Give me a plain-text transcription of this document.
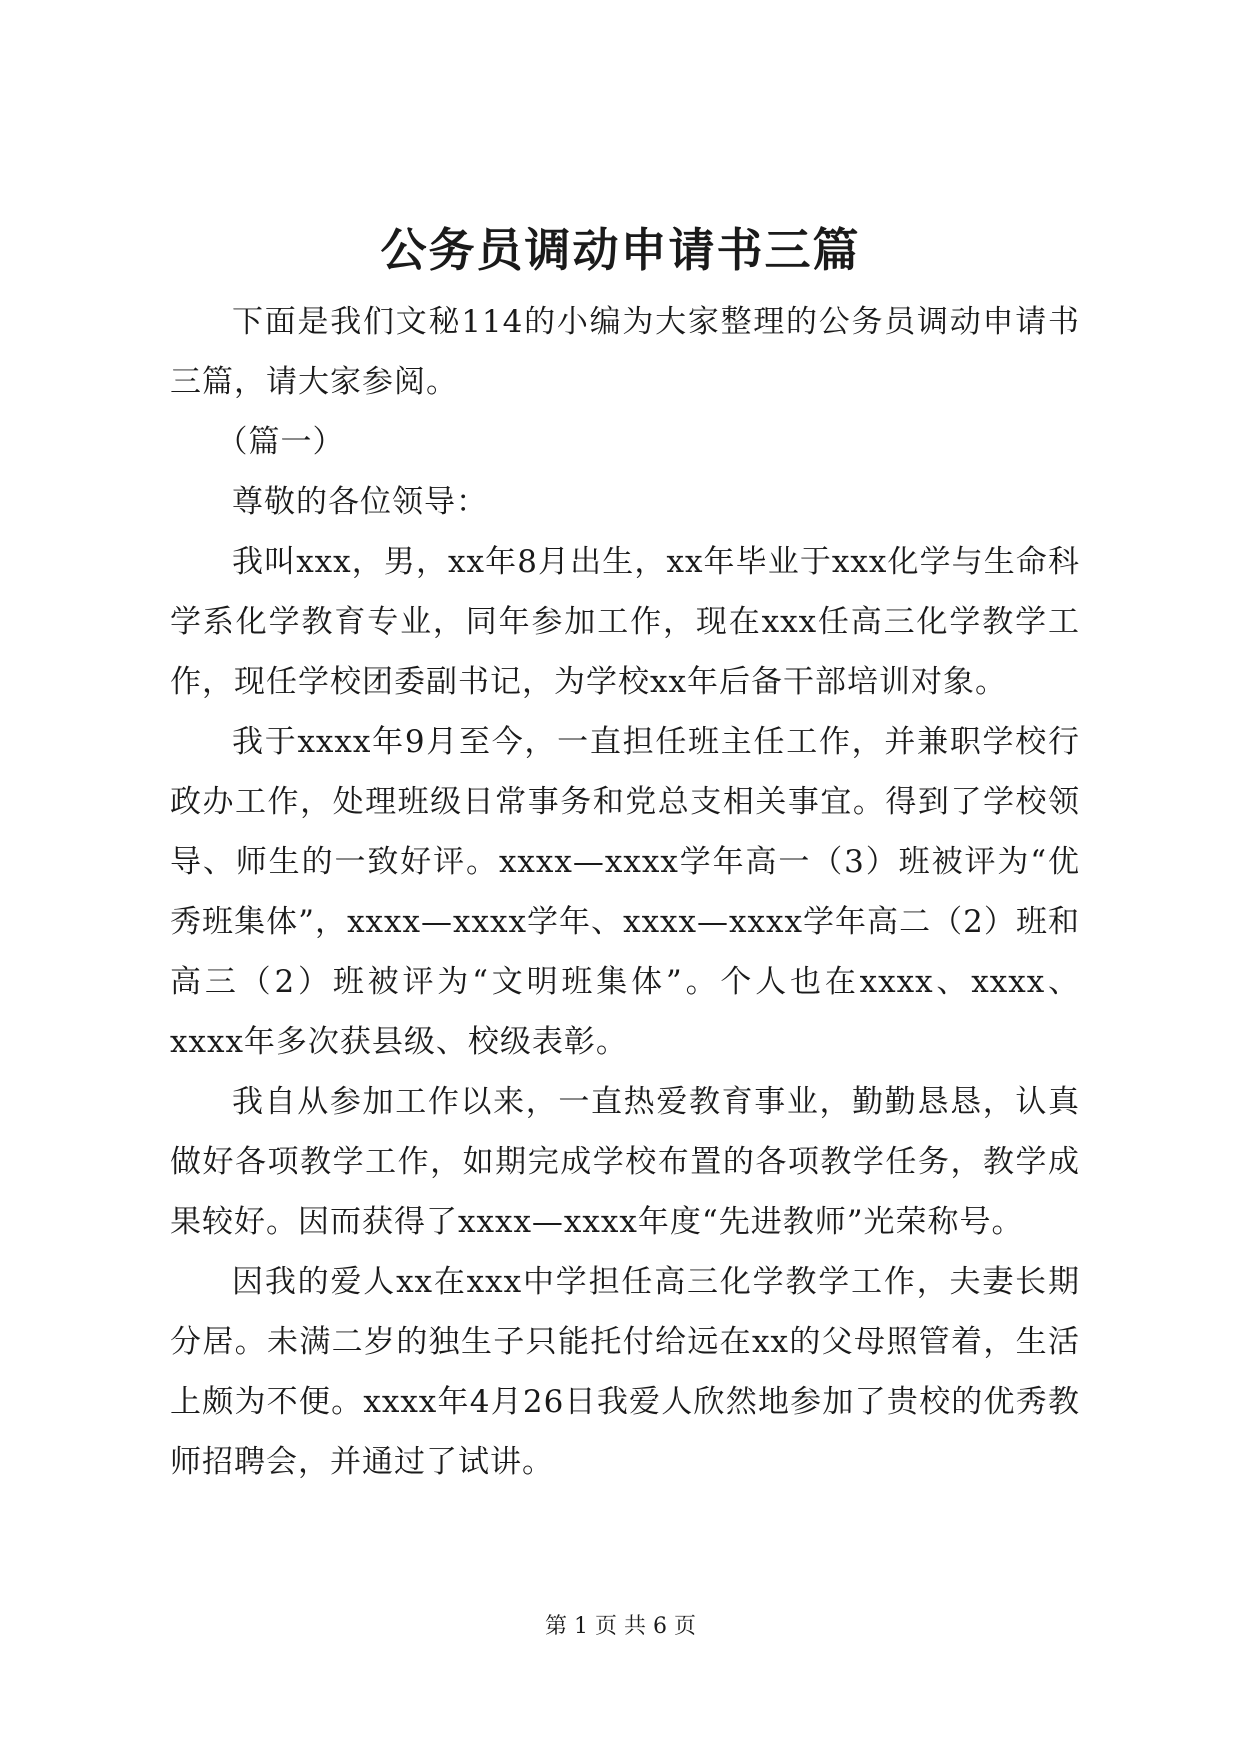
公务员调动申请书三篇

下面是我们文秘114的小编为大家整理的公务员调动申请书三篇，请大家参阅。

（篇一）

尊敬的各位领导：

我叫xxx，男，xx年8月出生，xx年毕业于xxx化学与生命科学系化学教育专业，同年参加工作，现在xxx任高三化学教学工作，现任学校团委副书记，为学校xx年后备干部培训对象。

我于xxxx年9月至今，一直担任班主任工作，并兼职学校行政办工作，处理班级日常事务和党总支相关事宜。得到了学校领导、师生的一致好评。xxxx—xxxx学年高一（3）班被评为“优秀班集体”，xxxx—xxxx学年、xxxx—xxxx学年高二（2）班和高三（2）班被评为“文明班集体”。个人也在xxxx、xxxx、xxxx年多次获县级、校级表彰。

我自从参加工作以来，一直热爱教育事业，勤勤恳恳，认真做好各项教学工作，如期完成学校布置的各项教学任务，教学成果较好。因而获得了xxxx—xxxx年度“先进教师”光荣称号。

因我的爱人xx在xxx中学担任高三化学教学工作，夫妻长期分居。未满二岁的独生子只能托付给远在xx的父母照管着，生活上颇为不便。xxxx年4月26日我爱人欣然地参加了贵校的优秀教师招聘会，并通过了试讲。

第 1 页 共 6 页
